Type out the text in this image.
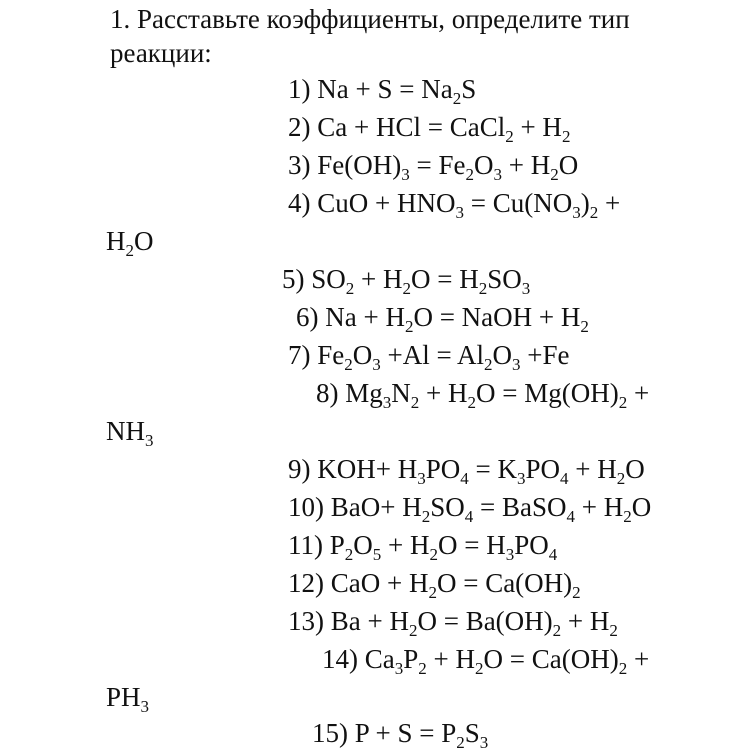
1. Расставьте коэффициенты, определите тип
реакции:
1) $Na + S = Na_2S$
2) Ca + HCl = CaCl$_2$ + $H_2$
3) $Fe(OH)_3 = Fe_2O_3 + H_2O$
4) CuO + $HNO_3 = Cu(NO_3)_2$ +
$H_2O$
5) $SO_2 + H_2O = H_2SO_3$
6) $Na + H_2O$ = NaOH + $H_2$
7) $Fe_2O_3 +Al = Al_2O_3 +Fe$
8) $Mg_3N_2 + H_2O = Mg(OH)_2$ +
$NH_3$
9) $KOH+ H_3PO_4 = K_3PO_4 + H_2O$
10) $BaO+ H_2SO_4$ = BaSO$_4$ + $H_2O$
11) $P_2O_5 + H_2O = H_3PO_4$
12) CaO + $H_2O = Ca(OH)_2$
13) $Ba + H_2O = Ba(OH)_2 + H_2$
14) $Ca_3P_2 + H_2O = Ca(OH)_2$ +
$PH_3$
15) $P + S = P_2S_3$
